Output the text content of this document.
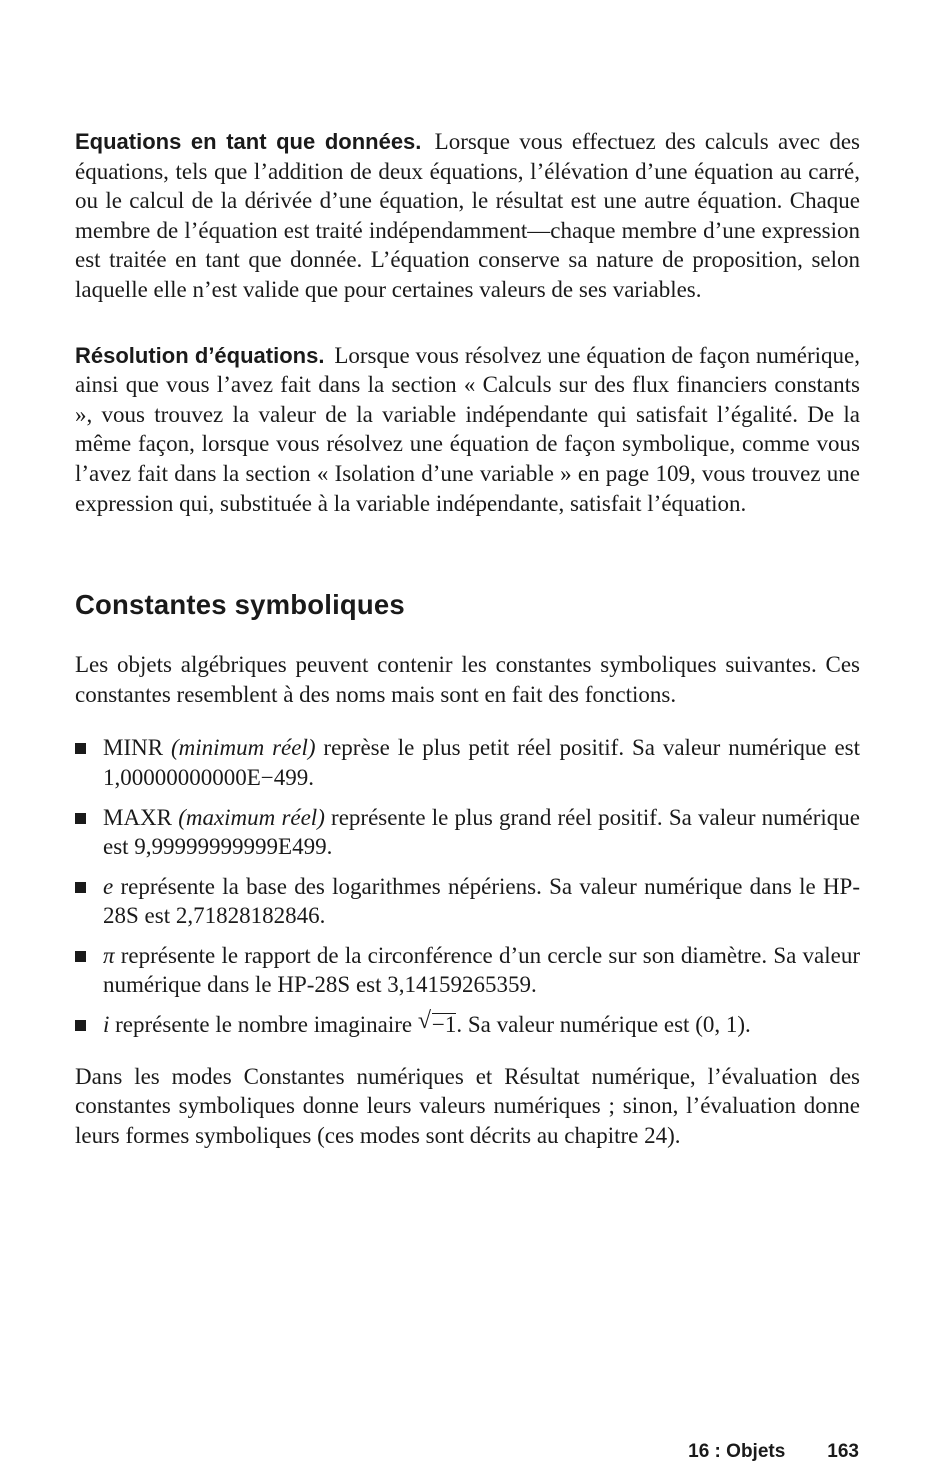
Equations en tant que données. Lorsque vous effectuez des calculs avec des équations, tels que l’addition de deux équations, l’élévation d’une équation au carré, ou le calcul de la dérivée d’une équation, le résultat est une autre équation. Chaque membre de l’équation est traité indépendamment—chaque membre d’une expression est traitée en tant que donnée. L’équation conserve sa nature de proposition, selon laquelle elle n’est valide que pour certaines valeurs de ses variables.

Résolution d’équations. Lorsque vous résolvez une équation de façon numérique, ainsi que vous l’avez fait dans la section « Calculs sur des flux financiers constants », vous trouvez la valeur de la variable indépendante qui satisfait l’égalité. De la même façon, lorsque vous résolvez une équation de façon symbolique, comme vous l’avez fait dans la section « Isolation d’une variable » en page 109, vous trouvez une expression qui, substituée à la variable indépendante, satisfait l’équation.

Constantes symboliques

Les objets algébriques peuvent contenir les constantes symboliques suivantes. Ces constantes resemblent à des noms mais sont en fait des fonctions.

MINR (minimum réel) reprèse le plus petit réel positif. Sa valeur numérique est 1,00000000000E−499.
MAXR (maximum réel) représente le plus grand réel positif. Sa valeur numérique est 9,99999999999E499.
e représente la base des logarithmes népériens. Sa valeur numérique dans le HP-28S est 2,71828182846.
π représente le rapport de la circonférence d’un cercle sur son diamètre. Sa valeur numérique dans le HP-28S est 3,14159265359.
i représente le nombre imaginaire √ −1. Sa valeur numérique est (0, 1).

Dans les modes Constantes numériques et Résultat numérique, l’évaluation des constantes symboliques donne leurs valeurs numériques ; sinon, l’évaluation donne leurs formes symboliques (ces modes sont décrits au chapitre 24).

16 : Objets 163
